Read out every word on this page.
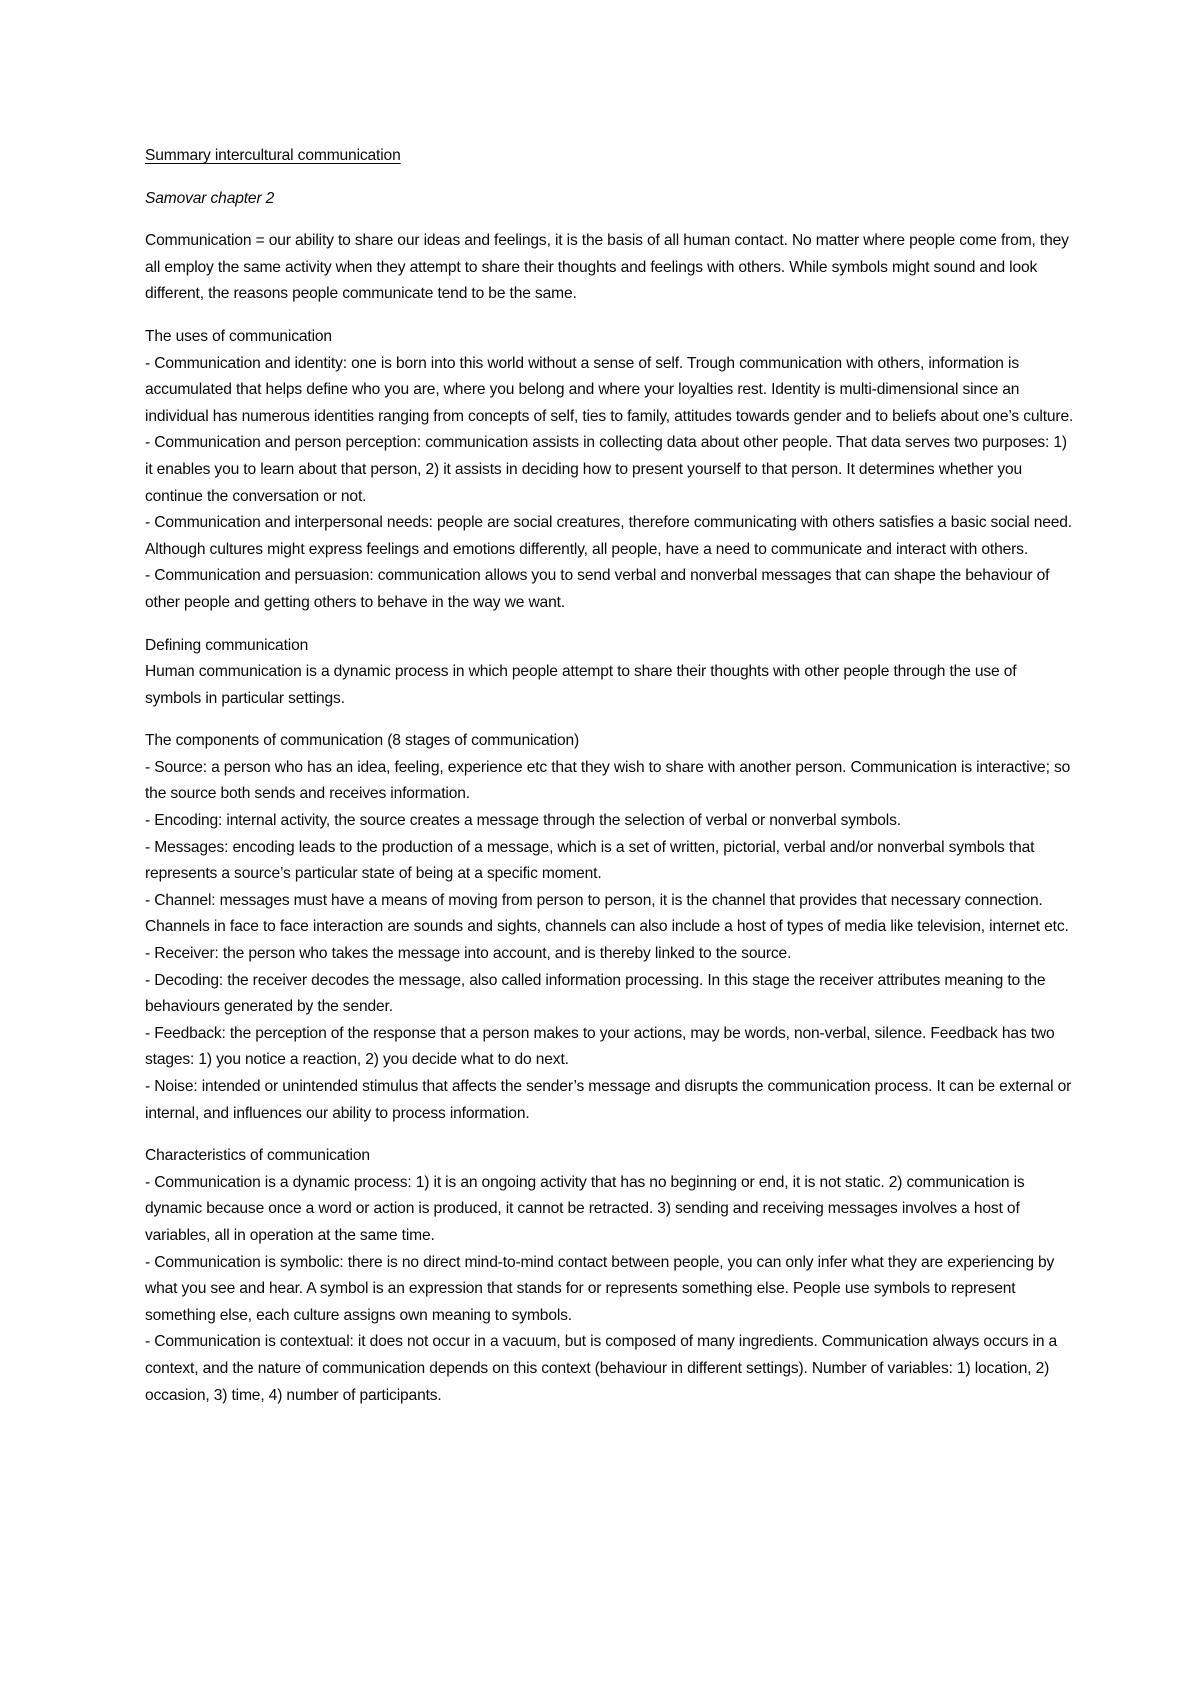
Summary intercultural communication

Samovar chapter 2

Communication = our ability to share our ideas and feelings, it is the basis of all human contact. No matter where people come from, they all employ the same activity when they attempt to share their thoughts and feelings with others. While symbols might sound and look different, the reasons people communicate tend to be the same.

The uses of communication

- Communication and identity: one is born into this world without a sense of self. Trough communication with others, information is accumulated that helps define who you are, where you belong and where your loyalties rest. Identity is multi-dimensional since an individual has numerous identities ranging from concepts of self, ties to family, attitudes towards gender and to beliefs about one’s culture.

- Communication and person perception: communication assists in collecting data about other people. That data serves two purposes: 1) it enables you to learn about that person, 2) it assists in deciding how to present yourself to that person. It determines whether you continue the conversation or not.

- Communication and interpersonal needs: people are social creatures, therefore communicating with others satisfies a basic social need. Although cultures might express feelings and emotions differently, all people, have a need to communicate and interact with others.

- Communication and persuasion: communication allows you to send verbal and nonverbal messages that can shape the behaviour of other people and getting others to behave in the way we want.

Defining communication

Human communication is a dynamic process in which people attempt to share their thoughts with other people through the use of symbols in particular settings.

The components of communication (8 stages of communication)

- Source: a person who has an idea, feeling, experience etc that they wish to share with another person. Communication is interactive; so the source both sends and receives information.

- Encoding: internal activity, the source creates a message through the selection of verbal or nonverbal symbols.

- Messages: encoding leads to the production of a message, which is a set of written, pictorial, verbal and/or nonverbal symbols that represents a source’s particular state of being at a specific moment.

- Channel: messages must have a means of moving from person to person, it is the channel that provides that necessary connection. Channels in face to face interaction are sounds and sights, channels can also include a host of types of media like television, internet etc.

- Receiver: the person who takes the message into account, and is thereby linked to the source.

- Decoding: the receiver decodes the message, also called information processing. In this stage the receiver attributes meaning to the behaviours generated by the sender.

- Feedback: the perception of the response that a person makes to your actions, may be words, non-verbal, silence. Feedback has two stages: 1) you notice a reaction, 2) you decide what to do next.

- Noise: intended or unintended stimulus that affects the sender’s message and disrupts the communication process. It can be external or internal, and influences our ability to process information.

Characteristics of communication

- Communication is a dynamic process: 1) it is an ongoing activity that has no beginning or end, it is not static. 2) communication is dynamic because once a word or action is produced, it cannot be retracted. 3) sending and receiving messages involves a host of variables, all in operation at the same time.

- Communication is symbolic: there is no direct mind-to-mind contact between people, you can only infer what they are experiencing by what you see and hear. A symbol is an expression that stands for or represents something else. People use symbols to represent something else, each culture assigns own meaning to symbols.

- Communication is contextual: it does not occur in a vacuum, but is composed of many ingredients. Communication always occurs in a context, and the nature of communication depends on this context (behaviour in different settings). Number of variables: 1) location, 2) occasion, 3) time, 4) number of participants.
